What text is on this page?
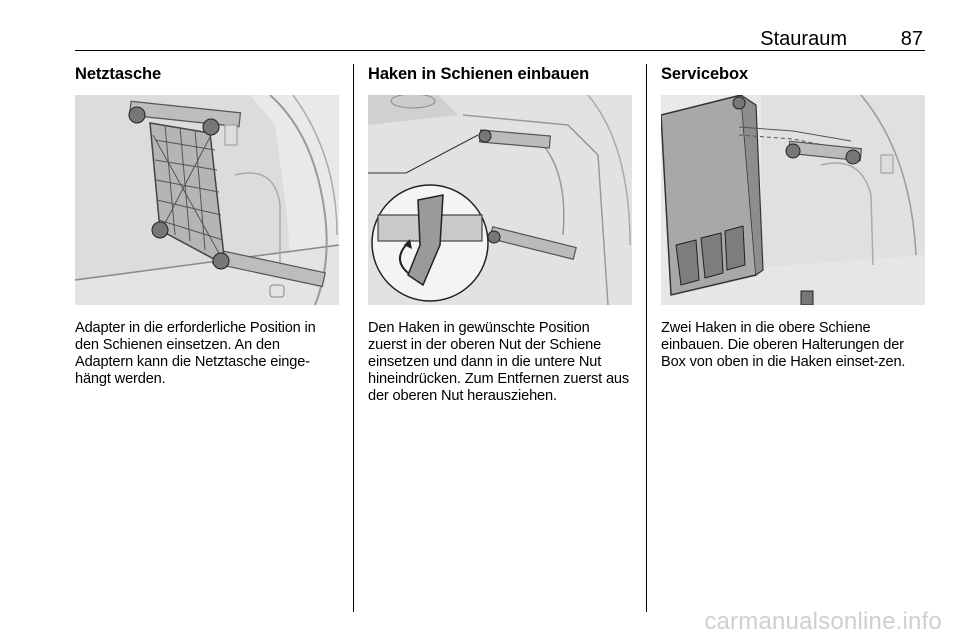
Stauraum	87
Netztasche

Adapter in die erforderliche Position in den Schienen einsetzen. An den Adaptern kann die Netztasche einge-hängt werden.

Haken in Schienen einbauen

Den Haken in gewünschte Position zuerst in der oberen Nut der Schiene einsetzen und dann in die untere Nut hineindrücken. Zum Entfernen zuerst aus der oberen Nut herausziehen.

Servicebox

Zwei Haken in die obere Schiene einbauen. Die oberen Halterungen der Box von oben in die Haken einset-zen.

carmanualsonline.info
